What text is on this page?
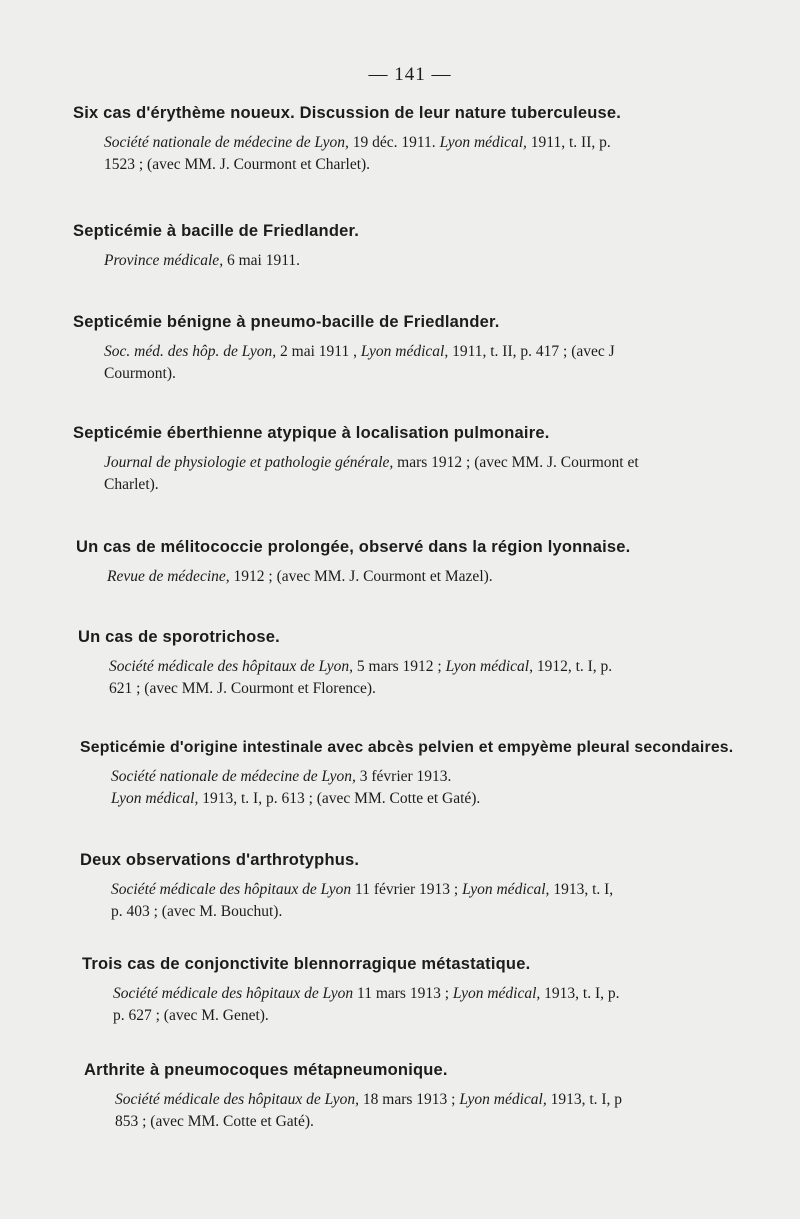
— 141 —

Six cas d'érythème noueux. Discussion de leur nature tuberculeuse.

Société nationale de médecine de Lyon, 19 déc. 1911. Lyon médical, 1911, t. II, p.
1523 ; (avec MM. J. Courmont et Charlet).

Septicémie à bacille de Friedlander.

Province médicale, 6 mai 1911.

Septicémie bénigne à pneumo-bacille de Friedlander.

Soc. méd. des hôp. de Lyon, 2 mai 1911 , Lyon médical, 1911, t. II, p. 417 ; (avec J
Courmont).

Septicémie éberthienne atypique à localisation pulmonaire.

Journal de physiologie et pathologie générale, mars 1912 ; (avec MM. J. Courmont et
Charlet).

Un cas de mélitococcie prolongée, observé dans la région lyonnaise.

Revue de médecine, 1912 ; (avec MM. J. Courmont et Mazel).

Un cas de sporotrichose.

Société médicale des hôpitaux de Lyon, 5 mars 1912 ; Lyon médical, 1912, t. I, p.
621 ; (avec MM. J. Courmont et Florence).

Septicémie d'origine intestinale avec abcès pelvien et empyème pleural secondaires.

Société nationale de médecine de Lyon, 3 février 1913.
Lyon médical, 1913, t. I, p. 613 ; (avec MM. Cotte et Gaté).

Deux observations d'arthrotyphus.

Société médicale des hôpitaux de Lyon 11 février 1913 ; Lyon médical, 1913, t. I,
p. 403 ; (avec M. Bouchut).

Trois cas de conjonctivite blennorragique métastatique.

Société médicale des hôpitaux de Lyon 11 mars 1913 ; Lyon médical, 1913, t. I, p.
p. 627 ; (avec M. Genet).

Arthrite à pneumocoques métapneumonique.

Société médicale des hôpitaux de Lyon, 18 mars 1913 ; Lyon médical, 1913, t. I, p
853 ; (avec MM. Cotte et Gaté).
